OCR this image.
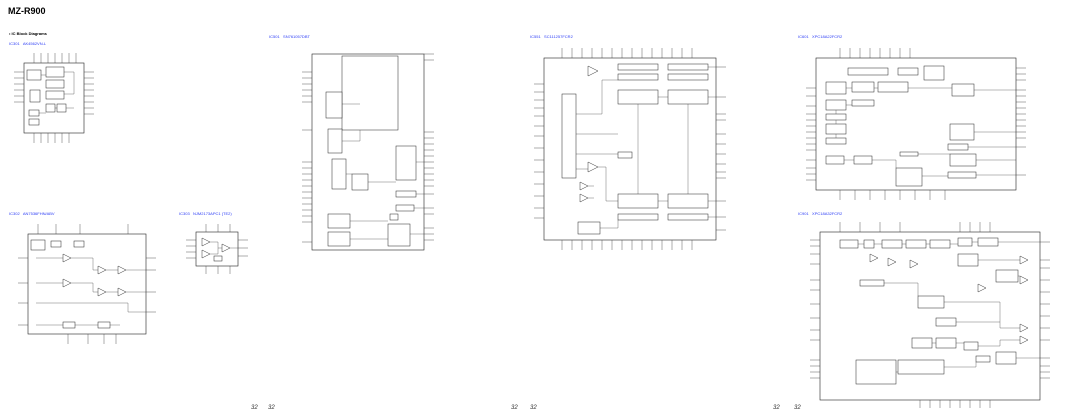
MZ-R900
• IC Block Diagrams
IC301 AK4562VN-L
IC302 AN7536FHN/ABV	IC303 NJM2173APC1 (TE2)
IC501 SN761057DBT	IC551 SC111257FCR2	IC601 XPC18A22FCR2
IC901 XPC18A32FCR2
32 32	32 32	32 32
